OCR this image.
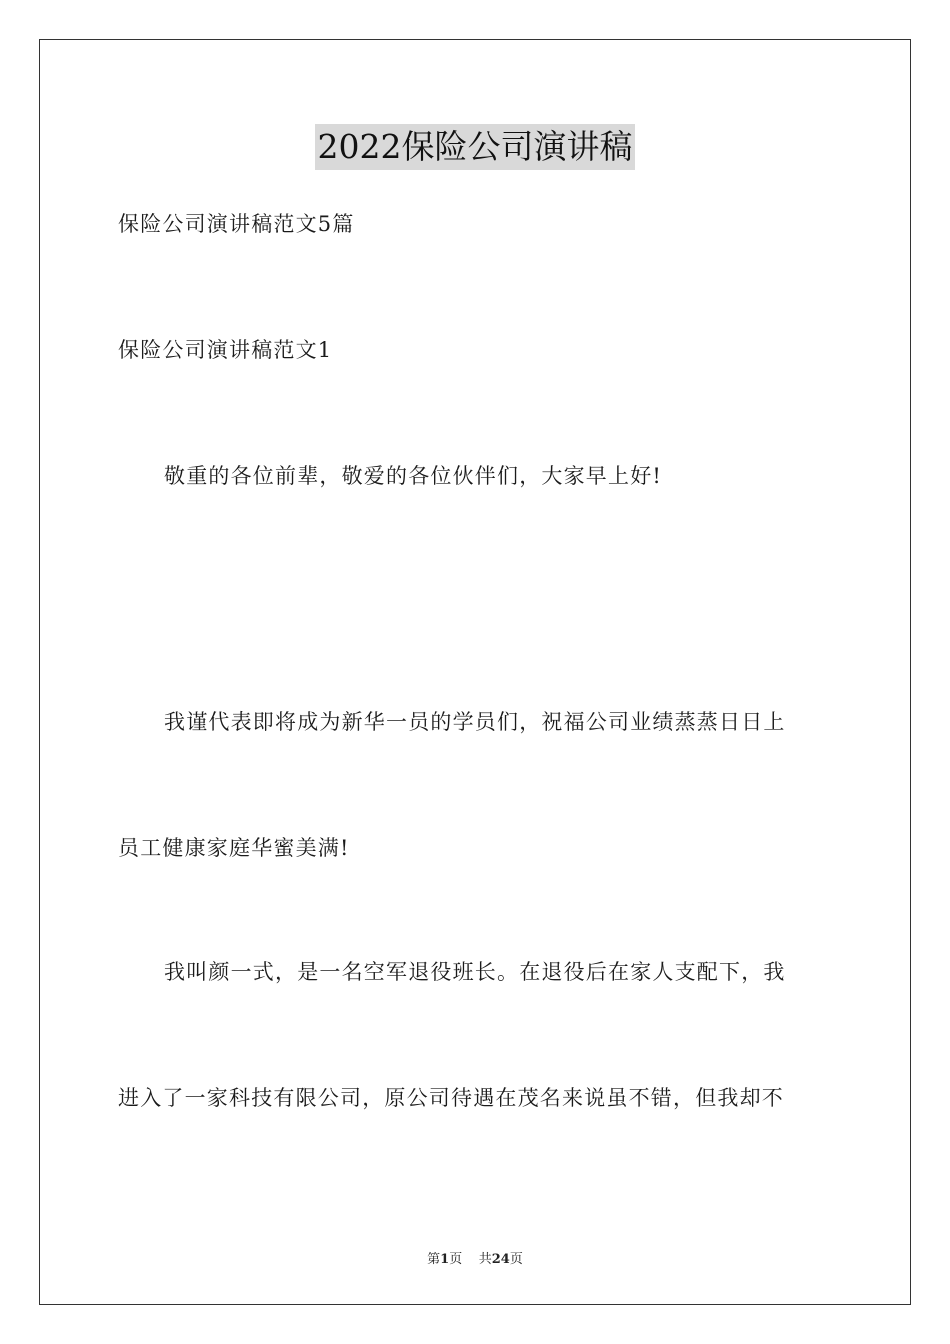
2022保险公司演讲稿
保险公司演讲稿范文5篇
保险公司演讲稿范文1
敬重的各位前辈，敬爱的各位伙伴们，大家早上好!
我谨代表即将成为新华一员的学员们，祝福公司业绩蒸蒸日日上
员工健康家庭华蜜美满!
我叫颜一式，是一名空军退役班长。在退役后在家人支配下，我
进入了一家科技有限公司，原公司待遇在茂名来说虽不错，但我却不
第1页 共24页
